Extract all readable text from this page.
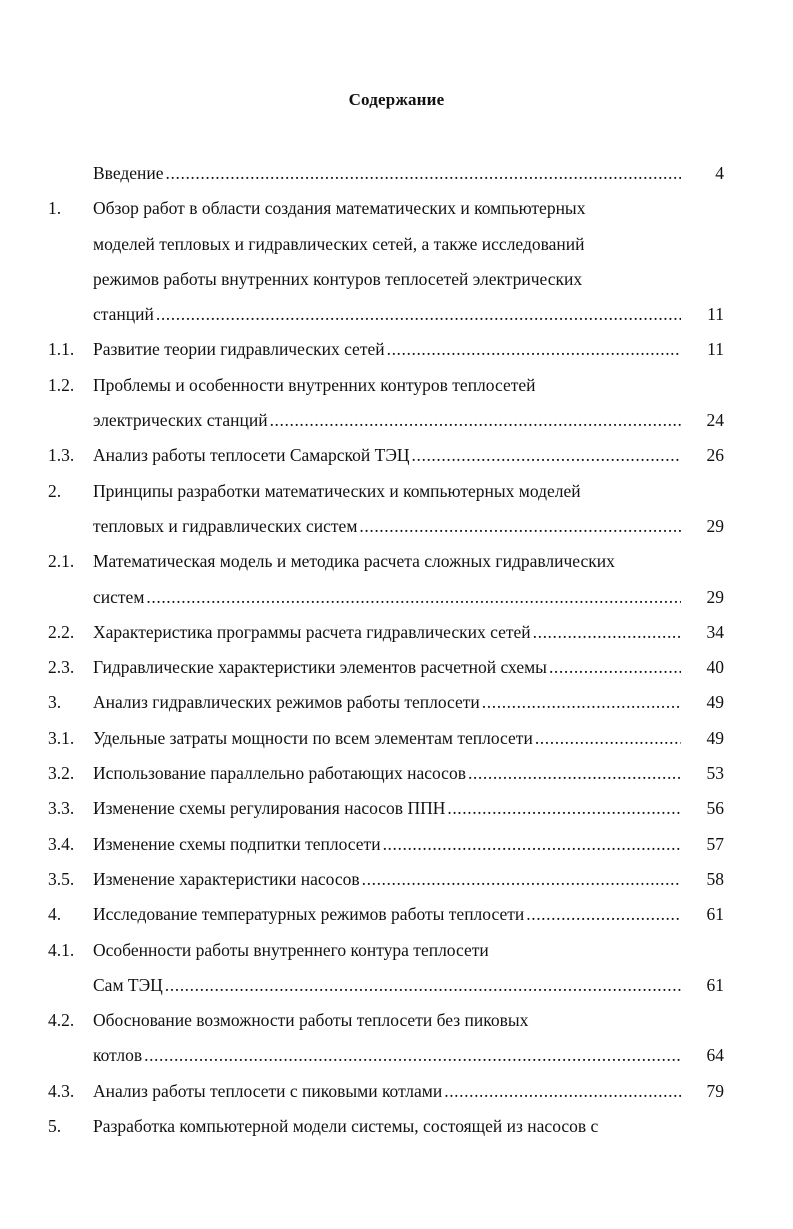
Содержание
Введение .....	4
1. Обзор работ в области создания математических и компьютерных
моделей тепловых и гидравлических сетей, а также исследований
режимов работы внутренних контуров теплосетей электрических
станций .....	11
1.1. Развитие теории гидравлических сетей .....	11
1.2. Проблемы и особенности внутренних контуров теплосетей
электрических станций .....	24
1.3. Анализ работы теплосети Самарской ТЭЦ .....	26
2. Принципы разработки математических и компьютерных моделей
тепловых и гидравлических систем .....	29
2.1. Математическая модель и методика расчета сложных гидравлических
систем .....	29
2.2. Характеристика программы расчета гидравлических сетей .....	34
2.3. Гидравлические характеристики элементов расчетной схемы .....	40
3. Анализ гидравлических режимов работы теплосети .....	49
3.1. Удельные затраты мощности по всем элементам теплосети .....	49
3.2. Использование параллельно работающих насосов .....	53
3.3. Изменение схемы регулирования насосов ППН .....	56
3.4. Изменение схемы подпитки теплосети .....	57
3.5. Изменение характеристики насосов .....	58
4. Исследование температурных режимов работы теплосети .....	61
4.1. Особенности работы внутреннего контура теплосети
Сам ТЭЦ .....	61
4.2. Обоснование возможности работы теплосети без пиковых
котлов .....	64
4.3. Анализ работы теплосети с пиковыми котлами .....	79
5. Разработка компьютерной модели системы, состоящей из насосов с
